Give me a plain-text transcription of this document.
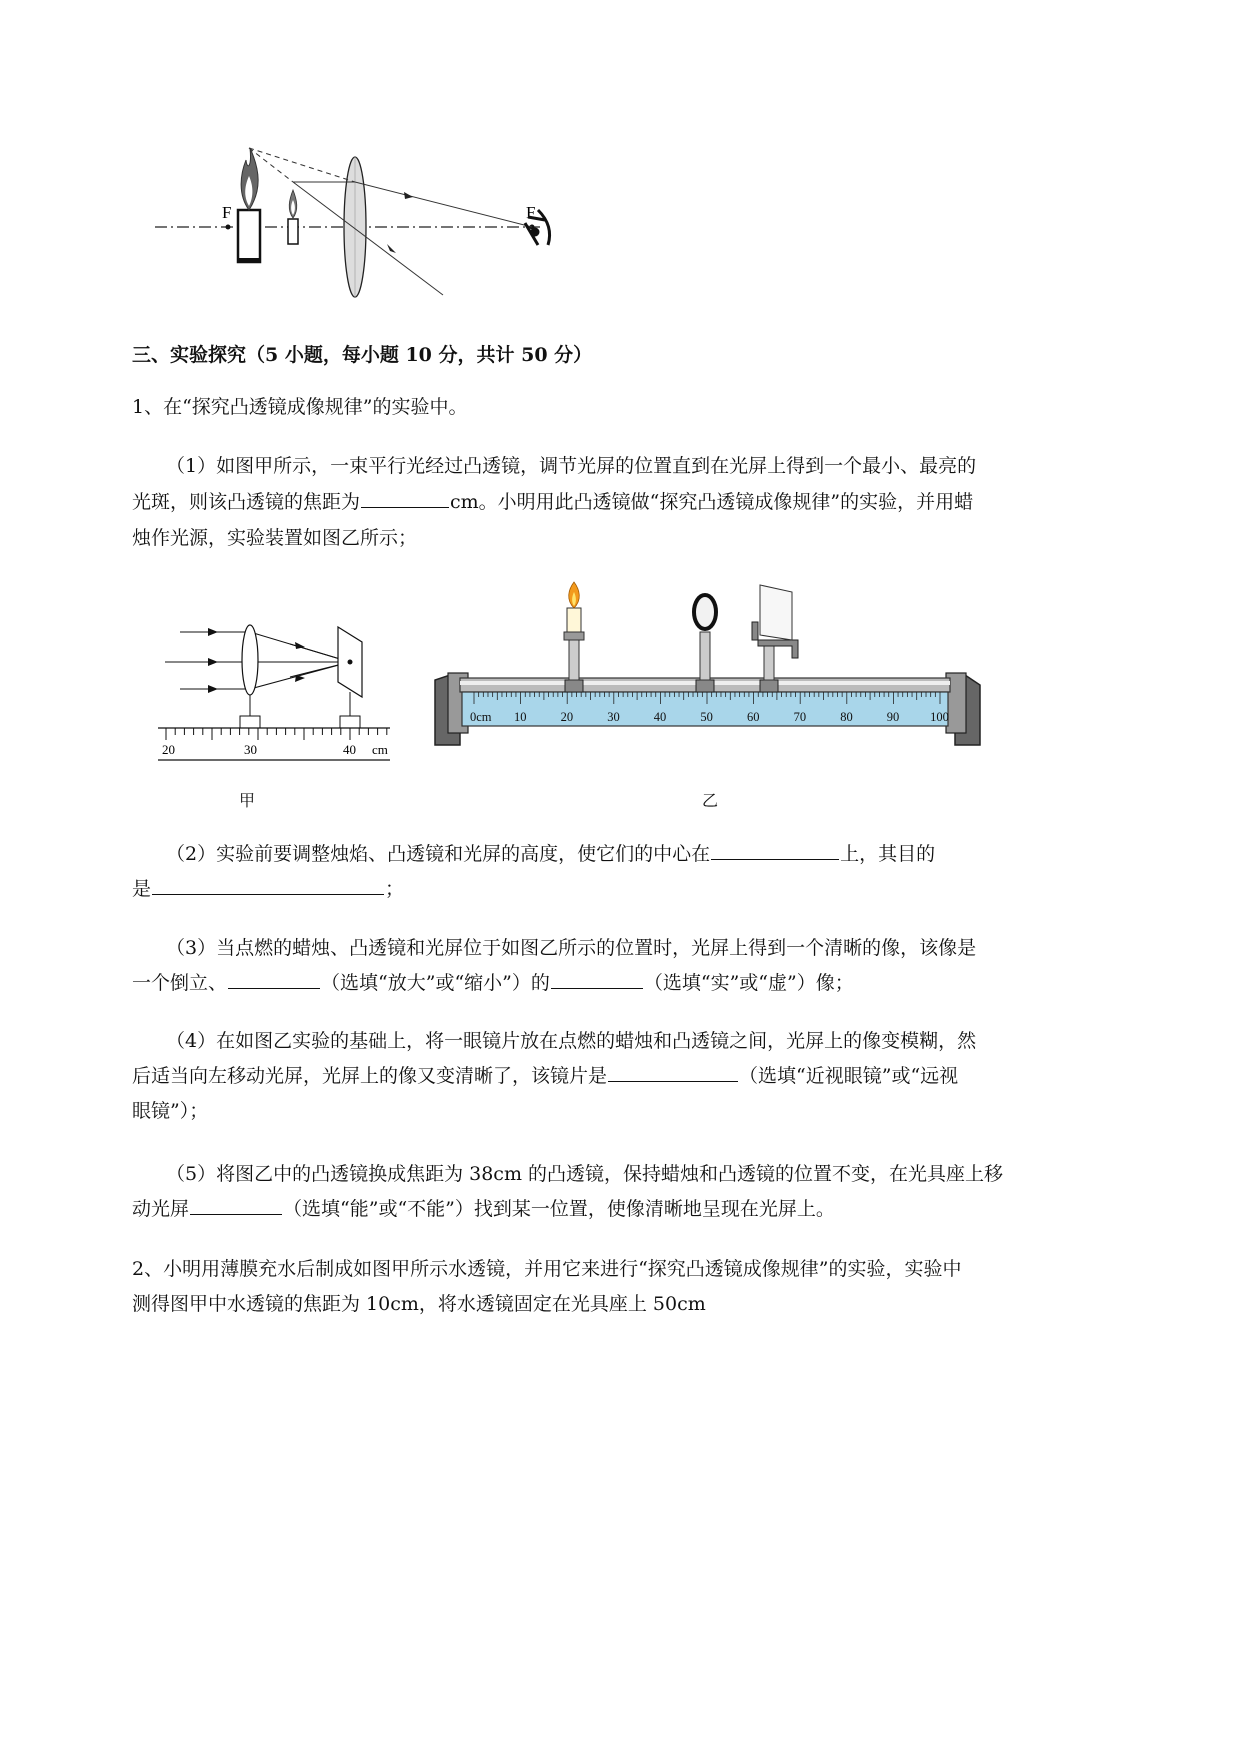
F	F
三、实验探究（5 小题，每小题 10 分，共计 50 分）
1、在“探究凸透镜成像规律”的实验中。
（1）如图甲所示，一束平行光经过凸透镜，调节光屏的位置直到在光屏上得到一个最小、最亮的
光斑，则该凸透镜的焦距为	cm。小明用此凸透镜做“探究凸透镜成像规律”的实验，并用蜡
烛作光源，实验装置如图乙所示；
20	30	40 cm
甲
0cm 10	20	30	40	50	60	70	80	90 100
乙
（2）实验前要调整烛焰、凸透镜和光屏的高度，使它们的中心在	上，其目的
是	；
（3）当点燃的蜡烛、凸透镜和光屏位于如图乙所示的位置时，光屏上得到一个清晰的像，该像是
一个倒立、	（选填“放大”或“缩小”）的	（选填“实”或“虚”）像；
（4）在如图乙实验的基础上，将一眼镜片放在点燃的蜡烛和凸透镜之间，光屏上的像变模糊，然
后适当向左移动光屏，光屏上的像又变清晰了，该镜片是	（选填“近视眼镜”或“远视
眼镜”）；
（5）将图乙中的凸透镜换成焦距为 38cm 的凸透镜，保持蜡烛和凸透镜的位置不变，在光具座上移
动光屏	（选填“能”或“不能”）找到某一位置，使像清晰地呈现在光屏上。
2、小明用薄膜充水后制成如图甲所示水透镜，并用它来进行“探究凸透镜成像规律”的实验，实验中
测得图甲中水透镜的焦距为 10cm，将水透镜固定在光具座上 50cm
